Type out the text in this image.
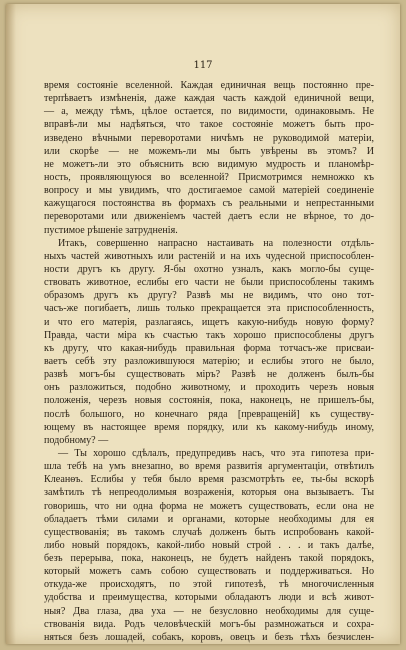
117
время состояніе вселенной. Каждая единичная вещь постоянно пре-
терпѣваетъ измѣненія, даже каждая часть каждой единичной вещи,
— а, между тѣмъ, цѣлое остается, по видимости, одинаковымъ. Не
вправѣ-ли мы надѣяться, что такое состояніе можетъ быть про-
изведено вѣчными переворотами ничѣмъ не руководимой матеріи,
или скорѣе — не можемъ-ли мы быть увѣрены въ этомъ? И
не можетъ-ли это объяснить всю видимую мудрость и планомѣр-
ность, проявляющуюся во вселенной? Присмотримся немножко къ
вопросу и мы увидимъ, что достигаемое самой матеріей соединеніе
кажущагося постоянства въ формахъ съ реальными и непрестанными
переворотами или движеніемъ частей даетъ если не вѣрное, то до-
пустимое рѣшеніе затрудненія.
Итакъ, совершенно напрасно настаивать на полезности отдѣль-
ныхъ частей животныхъ или растеній и на ихъ чудесной приспособлен-
ности другъ къ другу. Я-бы охотно узналъ, какъ могло-бы суще-
ствовать животное, еслибы его части не были приспособлены такимъ
образомъ другъ къ другу? Развѣ мы не видимъ, что оно тот-
часъ-же погибаетъ, лишь только прекращается эта приспособленность,
и что его матерія, разлагаясь, ищетъ какую-нибудь новую форму?
Правда, части міра къ счастью такъ хорошо приспособлены другъ
къ другу, что какая-нибудь правильная форма тотчасъ-же присваи-
ваетъ себѣ эту разложившуюся матерію; и еслибы этого не было,
развѣ могъ-бы существовать міръ? Развѣ не долженъ былъ-бы
онъ разложиться, подобно животному, и проходить черезъ новыя
положенія, черезъ новыя состоянія, пока, наконецъ, не пришелъ-бы,
послѣ большого, но конечнаго ряда [превращеній] къ существу-
ющему въ настоящее время порядку, или къ какому-нибудь иному,
подобному? —
— Ты хорошо сдѣлалъ, предупредивъ насъ, что эта гипотеза при-
шла тебѣ на умъ внезапно, во время развитія аргументаціи, отвѣтилъ
Клеанѳъ. Еслибы у тебя было время разсмотрѣть ее, ты-бы вскорѣ
замѣтилъ тѣ непреодолимыя возраженія, которыя она вызываетъ. Ты
говоришь, что ни одна форма не можетъ существовать, если она не
обладаетъ тѣми силами и органами, которые необходимы для ея
существованія; въ такомъ случаѣ долженъ быть испробованъ какой-
либо новый порядокъ, какой-либо новый строй . . . и такъ далѣе,
безъ перерыва, пока, наконецъ, не будетъ найденъ такой порядокъ,
который можетъ самъ собою существовать и поддерживаться. Но
откуда-же происходятъ, по этой гипотезѣ, тѣ многочисленныя
удобства и преимущества, которыми обладаютъ люди и всѣ живот-
ныя? Два глаза, два уха — не безусловно необходимы для суще-
ствованія вида. Родъ человѣческій могъ-бы размножаться и сохра-
няться безъ лошадей, собакъ, коровъ, овецъ и безъ тѣхъ безчислен-
